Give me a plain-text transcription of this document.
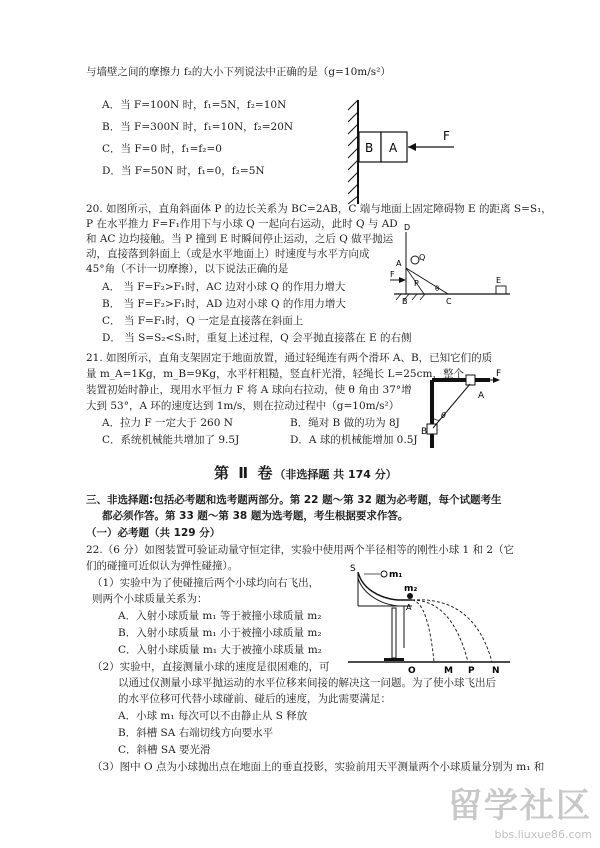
与墙壁之间的摩擦力 f₂的大小下列说法中正确的是（g=10m/s²）

A．当 F=100N 时，f₁=5N，f₂=10N

B．当 F=300N 时，f₁=10N，f₂=20N

C．当 F=0 时，f₁=f₂=0

D．当 F=50N 时，f₁=0，f₂=5N

B A
F

20. 如图所示，直角斜面体 P 的边长关系为 BC=2AB，C 端与地面上固定障碍物 E 的距离 S=S₁，

P 在水平推力 F=F₁作用下与小球 Q 一起向右运动，此时 Q 与 AD

和 AC 边均接触。当 P 撞到 E 时瞬间停止运动，之后 Q 做平抛运

动，直接落到斜面上（或是水平地面上）时速度与水平方向成

45°角（不计一切摩擦），以下说法正确的是

A． 当 F=F₂>F₁时，AC 边对小球 Q 的作用力增大

B． 当 F=F₂>F₁时，AD 边对小球 Q 的作用力增大

C． 当 F=F₁时，Q 一定是直接落在斜面上

D． 当 S=S₂<S₁时，重复上述过程，Q 会平抛直接落在 E 的右侧

D
A
Q
F
P
θ
B	C
E

21. 如图所示，直角支架固定于地面放置，通过轻绳连有两个滑环 A、B，已知它们的质

量 m_A=1Kg，m_B=9Kg，水平杆粗糙，竖直杆光滑，轻绳长 L=25cm，整个

装置初始时静止，现用水平恒力 F 将 A 球向右拉动，使 θ 角由 37°增

大到 53°，A 环的速度达到 1m/s，则在拉动过程中（g=10m/s²）

A．拉力 F 一定大于 260 N	B．绳对 B 做的功为 8J

C．系统机械能共增加了 9.5J	D．A 球的机械能增加 0.5J

F
A
θ
B
第 Ⅱ 卷（非选择题 共 174 分）

三、非选择题:包括必考题和选考题两部分。第 22 题～第 32 题为必考题，每个试题考生

都必须作答。第 33 题～第 38 题为选考题，考生根据要求作答。

（一）必考题（共 129 分）

22.（6 分）如图装置可验证动量守恒定律，实验中使用两个半径相等的刚性小球 1 和 2（它

们的碰撞可近似认为弹性碰撞）。

（1）实验中为了使碰撞后两个小球均向右飞出，

则两个小球质量关系为：

A．入射小球质量 m₁ 等于被撞小球质量 m₂

B．入射小球质量 m₁ 小于被撞小球质量 m₂

C．入射小球质量 m₁ 大于被撞小球质量 m₂

（2）实验中，直接测量小球的速度是很困难的，可

以通过仅测量小球平抛运动的水平位移来间接的解决这一问题。为了使小球飞出后

的水平位移可代替小球碰前、碰后的速度，为此需要满足：

A．小球 m₁ 每次可以不由静止从 S 释放

B．斜槽 SA 右端切线方向要水平

C．斜槽 SA 要光滑

（3）图中 O 点为小球抛出点在地面上的垂直投影，实验前用天平测量两个小球质量分别为 m₁ 和

S
m₁
m₂
A
O	M P N
留学社区
bbs.liuxue86.com
